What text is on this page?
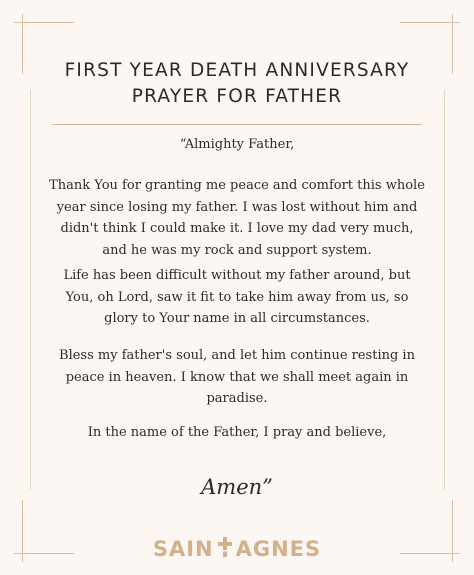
FIRST YEAR DEATH ANNIVERSARY
PRAYER FOR FATHER
“Almighty Father,
Thank You for granting me peace and comfort this whole
year since losing my father. I was lost without him and
didn't think I could make it. I love my dad very much,
and he was my rock and support system.
Life has been difficult without my father around, but
You, oh Lord, saw it fit to take him away from us, so
glory to Your name in all circumstances.
Bless my father's soul, and let him continue resting in
peace in heaven. I know that we shall meet again in
paradise.
In the name of the Father, I pray and believe,
Amen”
SAIN AGNES
